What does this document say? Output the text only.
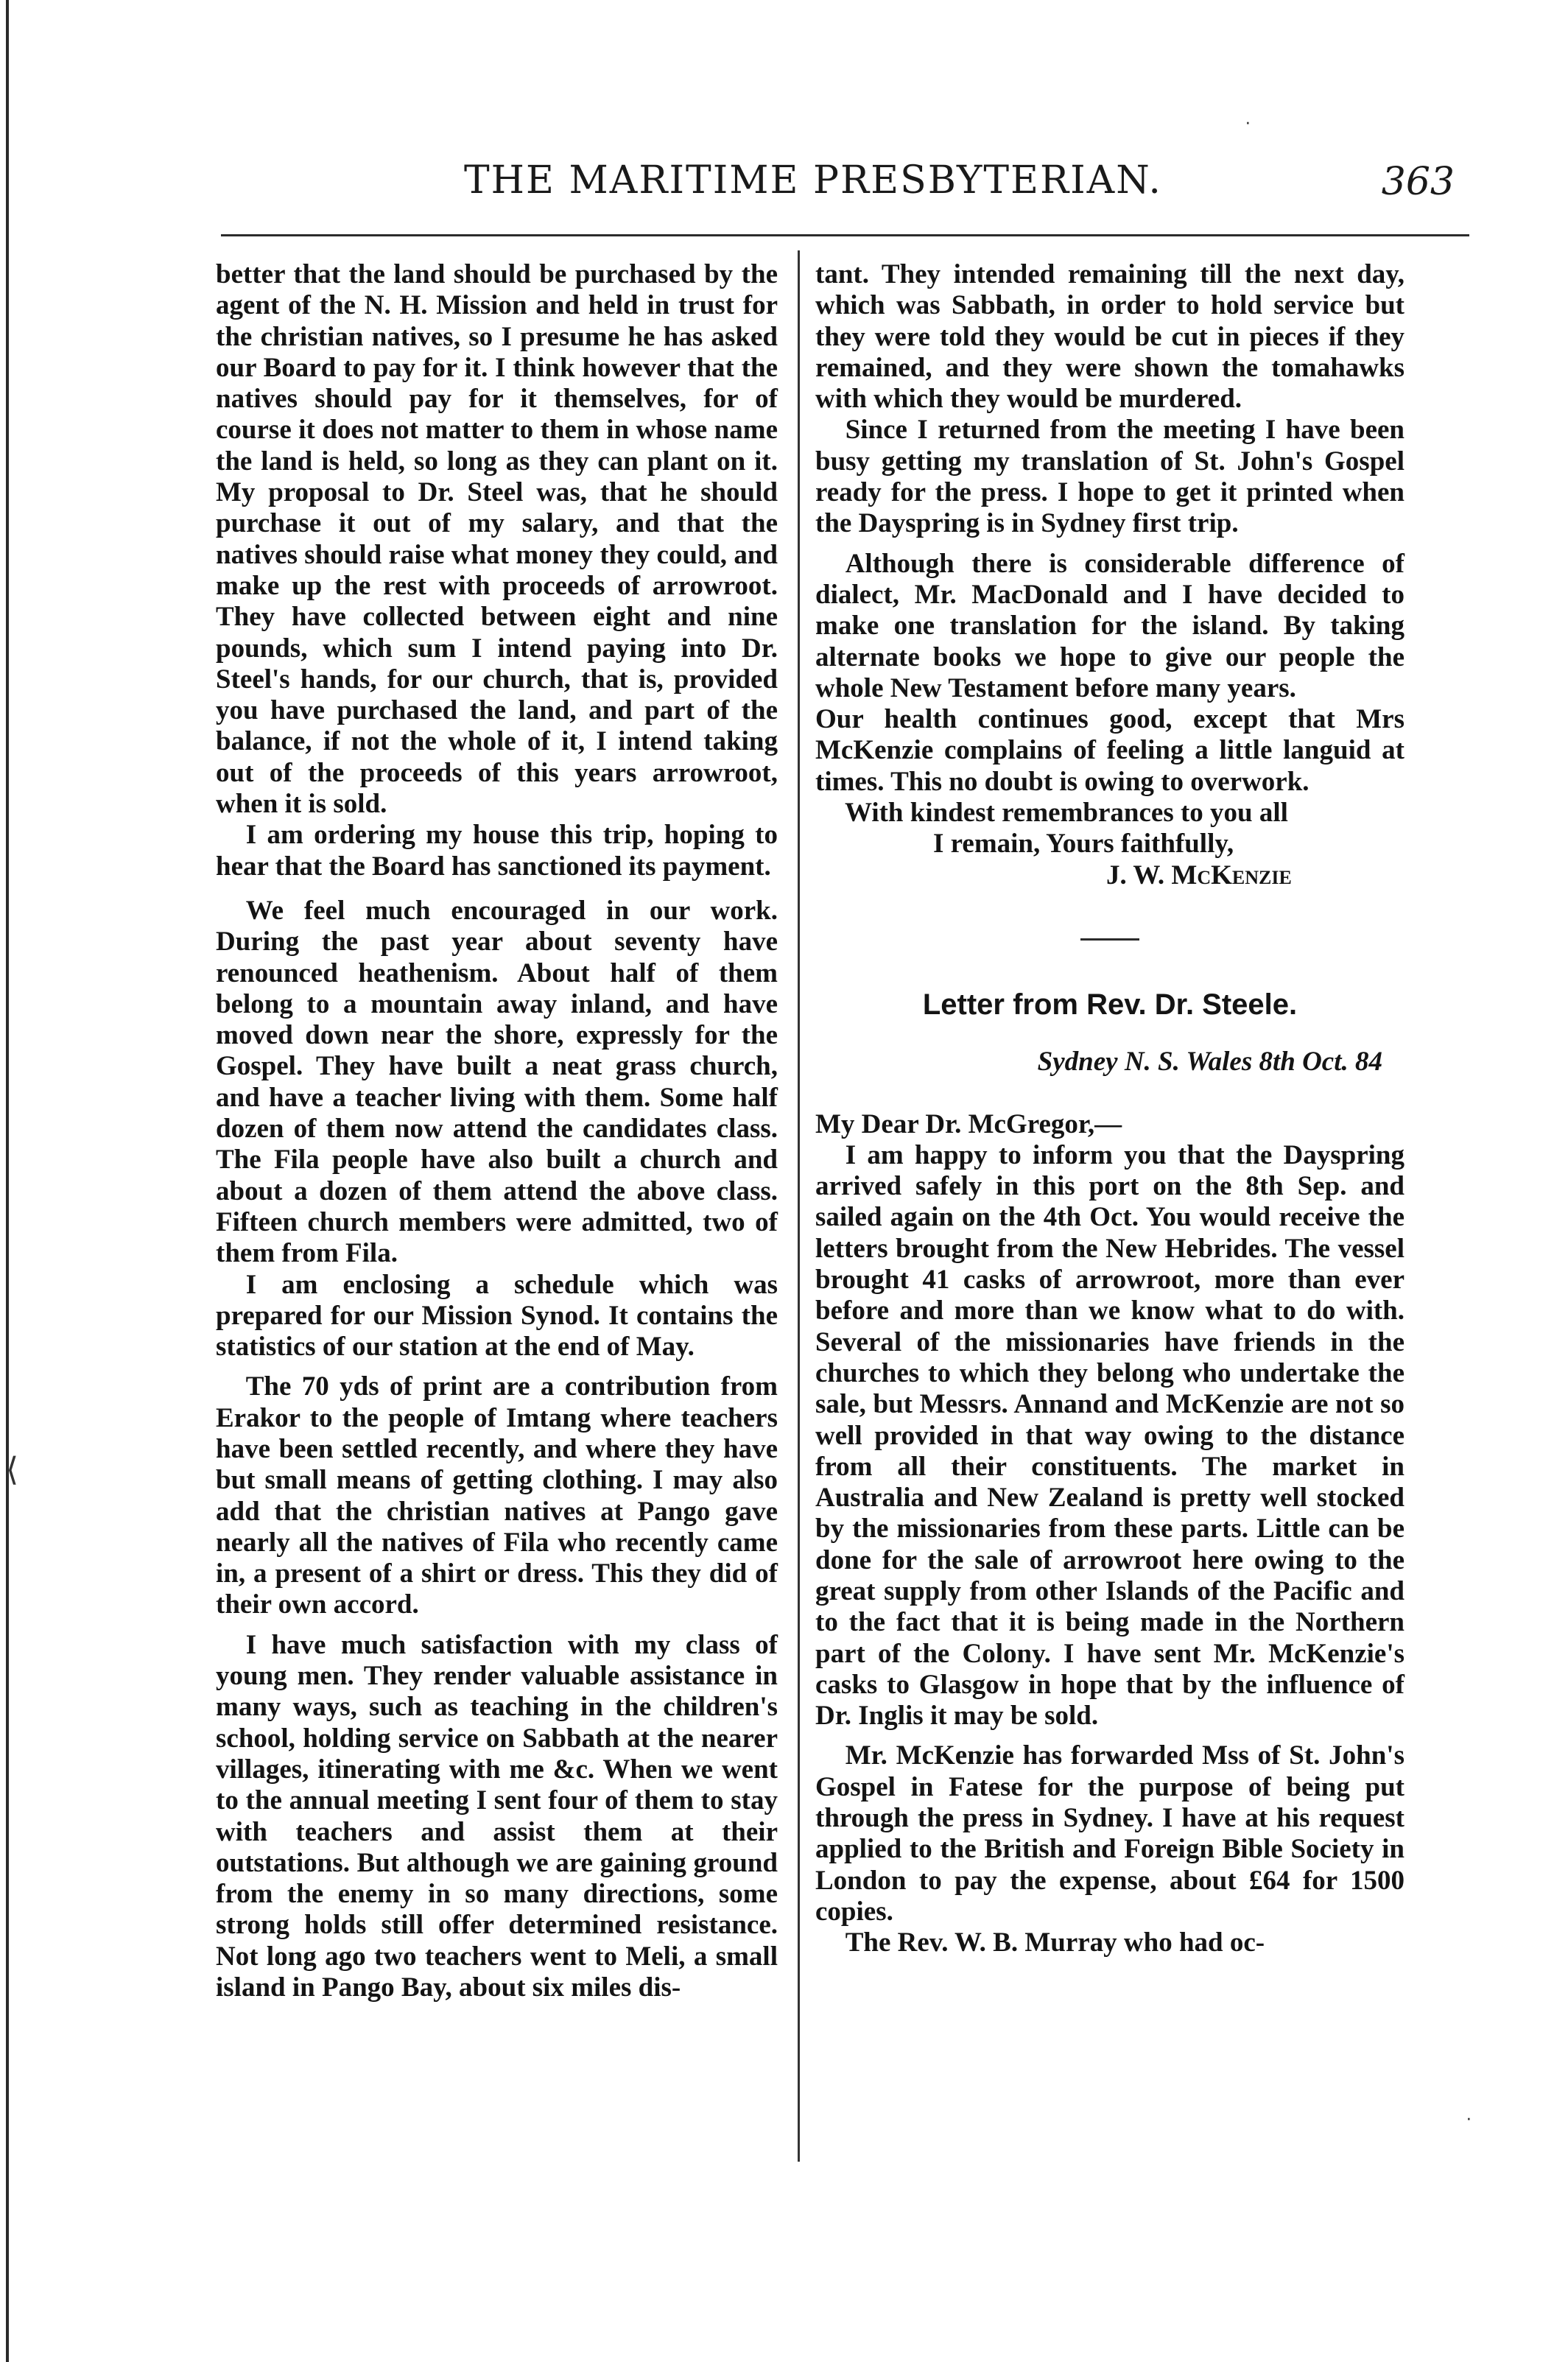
·
⟨
·
THE MARITIME PRESBYTERIAN.	363

better that the land should be purchased by the agent of the N. H. Mission and held in trust for the christian natives, so I presume he has asked our Board to pay for it. I think however that the natives should pay for it themselves, for of course it does not matter to them in whose name the land is held, so long as they can plant on it. My proposal to Dr. Steel was, that he should purchase it out of my salary, and that the natives should raise what money they could, and make up the rest with proceeds of arrowroot. They have collected between eight and nine pounds, which sum I intend paying into Dr. Steel's hands, for our church, that is, provided you have purchased the land, and part of the balance, if not the whole of it, I intend taking out of the proceeds of this years arrowroot, when it is sold.

I am ordering my house this trip, hoping to hear that the Board has sanctioned its payment.

We feel much encouraged in our work. During the past year about seventy have renounced heathenism. About half of them belong to a mountain away inland, and have moved down near the shore, expressly for the Gospel. They have built a neat grass church, and have a teacher living with them. Some half dozen of them now attend the candidates class. The Fila people have also built a church and about a dozen of them attend the above class. Fifteen church members were admitted, two of them from Fila.

I am enclosing a schedule which was prepared for our Mission Synod. It contains the statistics of our station at the end of May.

The 70 yds of print are a contribution from Erakor to the people of Imtang where teachers have been settled recently, and where they have but small means of getting clothing. I may also add that the christian natives at Pango gave nearly all the natives of Fila who recently came in, a present of a shirt or dress. This they did of their own accord.

I have much satisfaction with my class of young men. They render valuable assistance in many ways, such as teaching in the children's school, holding service on Sabbath at the nearer villages, itinerating with me &c. When we went to the annual meeting I sent four of them to stay with teachers and assist them at their outstations. But although we are gaining ground from the enemy in so many directions, some strong holds still offer determined resistance. Not long ago two teachers went to Meli, a small island in Pango Bay, about six miles dis-

tant. They intended remaining till the next day, which was Sabbath, in order to hold service but they were told they would be cut in pieces if they remained, and they were shown the tomahawks with which they would be murdered.

Since I returned from the meeting I have been busy getting my translation of St. John's Gospel ready for the press. I hope to get it printed when the Dayspring is in Sydney first trip.

Although there is considerable difference of dialect, Mr. MacDonald and I have decided to make one translation for the island. By taking alternate books we hope to give our people the whole New Testament before many years.

Our health continues good, except that Mrs McKenzie complains of feeling a little languid at times. This no doubt is owing to overwork.

With kindest remembrances to you all

I remain, Yours faithfully,

J. W. McKenzie

Letter from Rev. Dr. Steele.

Sydney N. S. Wales 8th Oct. 84

My Dear Dr. McGregor,—

I am happy to inform you that the Dayspring arrived safely in this port on the 8th Sep. and sailed again on the 4th Oct. You would receive the letters brought from the New Hebrides. The vessel brought 41 casks of arrowroot, more than ever before and more than we know what to do with. Several of the missionaries have friends in the churches to which they belong who undertake the sale, but Messrs. Annand and McKenzie are not so well provided in that way owing to the distance from all their constituents. The market in Australia and New Zealand is pretty well stocked by the missionaries from these parts. Little can be done for the sale of arrowroot here owing to the great supply from other Islands of the Pacific and to the fact that it is being made in the Northern part of the Colony. I have sent Mr. McKenzie's casks to Glasgow in hope that by the influence of Dr. Inglis it may be sold.

Mr. McKenzie has forwarded Mss of St. John's Gospel in Fatese for the purpose of being put through the press in Sydney. I have at his request applied to the British and Foreign Bible Society in London to pay the expense, about £64 for 1500 copies.

The Rev. W. B. Murray who had oc-
